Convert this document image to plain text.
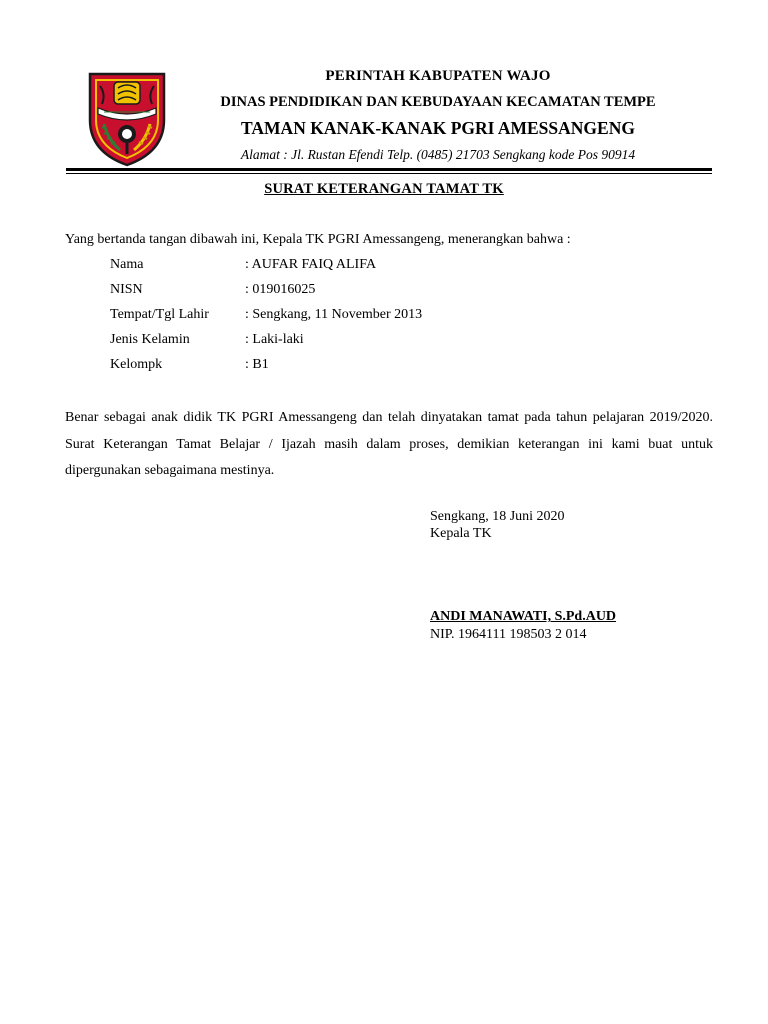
PERINTAH KABUPATEN WAJO
DINAS PENDIDIKAN DAN KEBUDAYAAN KECAMATAN TEMPE
TAMAN KANAK-KANAK PGRI AMESSANGENG
Alamat : Jl. Rustan Efendi Telp. (0485) 21703 Sengkang kode Pos 90914
SURAT KETERANGAN TAMAT TK
Yang bertanda tangan dibawah ini, Kepala TK PGRI Amessangeng, menerangkan bahwa :
Nama	: AUFAR FAIQ ALIFA
NISN	: 019016025
Tempat/Tgl Lahir	: Sengkang, 11 November 2013
Jenis Kelamin	: Laki-laki
Kelompk	: B1
Benar sebagai anak didik TK PGRI Amessangeng dan telah dinyatakan tamat pada tahun pelajaran 2019/2020. Surat Keterangan Tamat Belajar / Ijazah masih dalam proses, demikian keterangan ini kami buat untuk dipergunakan sebagaimana mestinya.
Sengkang, 18 Juni 2020
Kepala TK
ANDI MANAWATI, S.Pd.AUD
NIP. 1964111 198503 2 014
